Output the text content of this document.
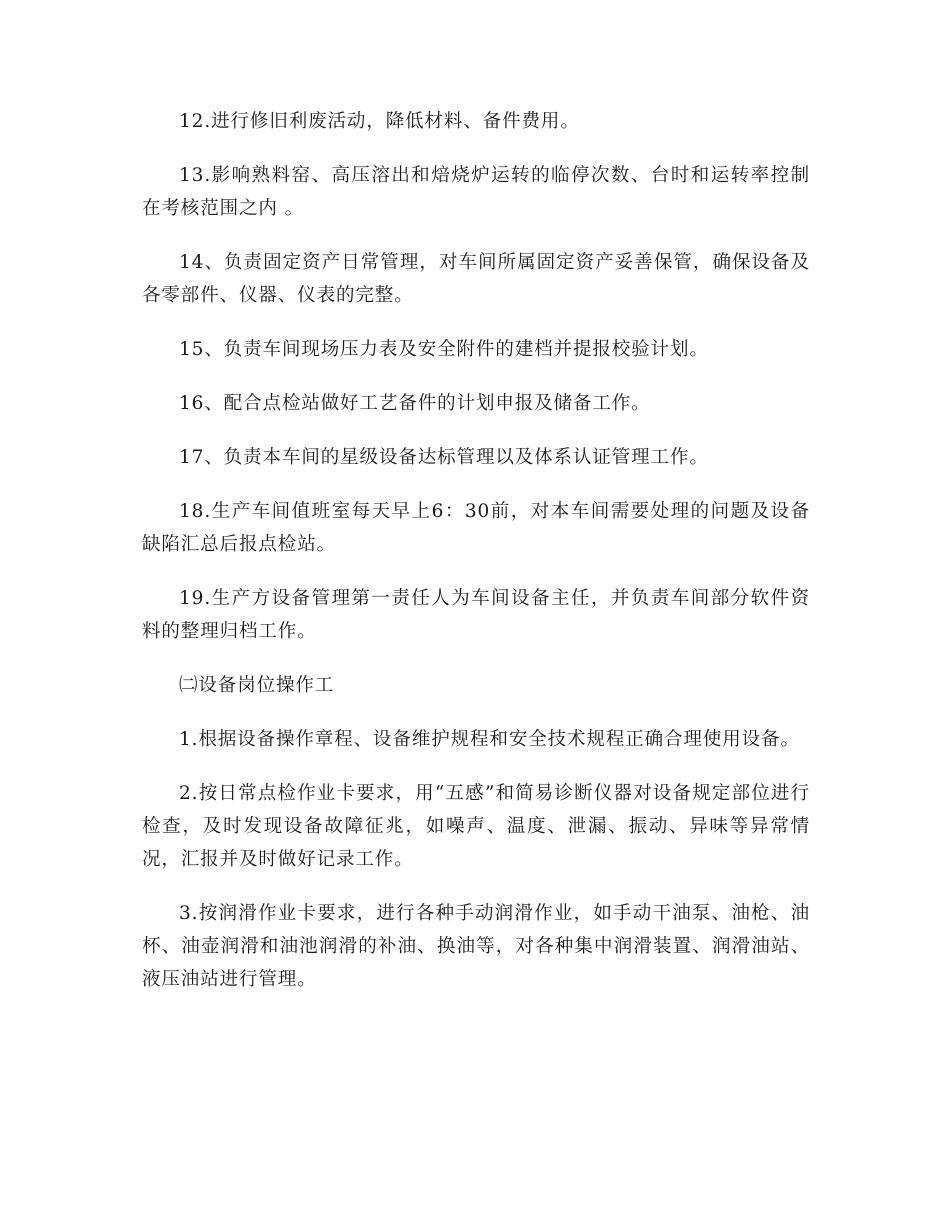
12.进行修旧利废活动，降低材料、备件费用。

13.影响熟料窑、高压溶出和焙烧炉运转的临停次数、台时和运转率控制在考核范围之内 。

14、负责固定资产日常管理，对车间所属固定资产妥善保管，确保设备及各零部件、仪器、仪表的完整。

15、负责车间现场压力表及安全附件的建档并提报校验计划。

16、配合点检站做好工艺备件的计划申报及储备工作。

17、负责本车间的星级设备达标管理以及体系认证管理工作。

18.生产车间值班室每天早上6：30前，对本车间需要处理的问题及设备缺陷汇总后报点检站。

19.生产方设备管理第一责任人为车间设备主任，并负责车间部分软件资料的整理归档工作。

㈡设备岗位操作工

1.根据设备操作章程、设备维护规程和安全技术规程正确合理使用设备。

2.按日常点检作业卡要求，用“五感”和简易诊断仪器对设备规定部位进行检查，及时发现设备故障征兆，如噪声、温度、泄漏、振动、异味等异常情况，汇报并及时做好记录工作。

3.按润滑作业卡要求，进行各种手动润滑作业，如手动干油泵、油枪、油杯、油壶润滑和油池润滑的补油、换油等，对各种集中润滑装置、润滑油站、液压油站进行管理。
